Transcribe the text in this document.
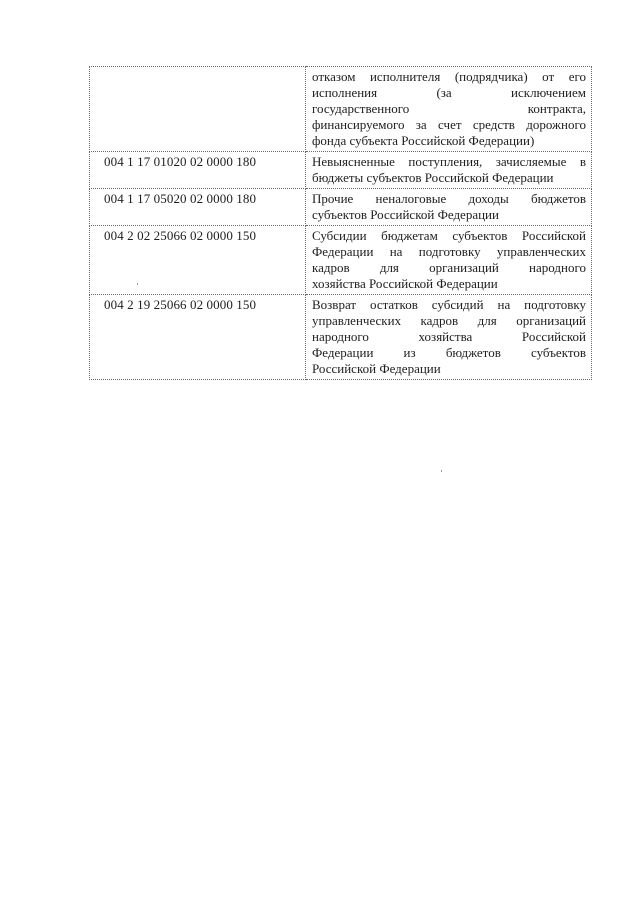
	отказом исполнителя (подрядчика) от его
исполнения (за исключением
государственного контракта,
финансируемого за счет средств дорожного
фонда субъекта Российской Федерации)

004 1 17 01020 02 0000 180	Невыясненные поступления, зачисляемые в
бюджеты субъектов Российской Федерации

004 1 17 05020 02 0000 180	Прочие неналоговые доходы бюджетов
субъектов Российской Федерации

004 2 02 25066 02 0000 150	Субсидии бюджетам субъектов Российской
Федерации на подготовку управленческих
кадров для организаций народного
хозяйства Российской Федерации

004 2 19 25066 02 0000 150	Возврат остатков субсидий на подготовку
управленческих кадров для организаций
народного хозяйства Российской
Федерации из бюджетов субъектов
Российской Федерации
